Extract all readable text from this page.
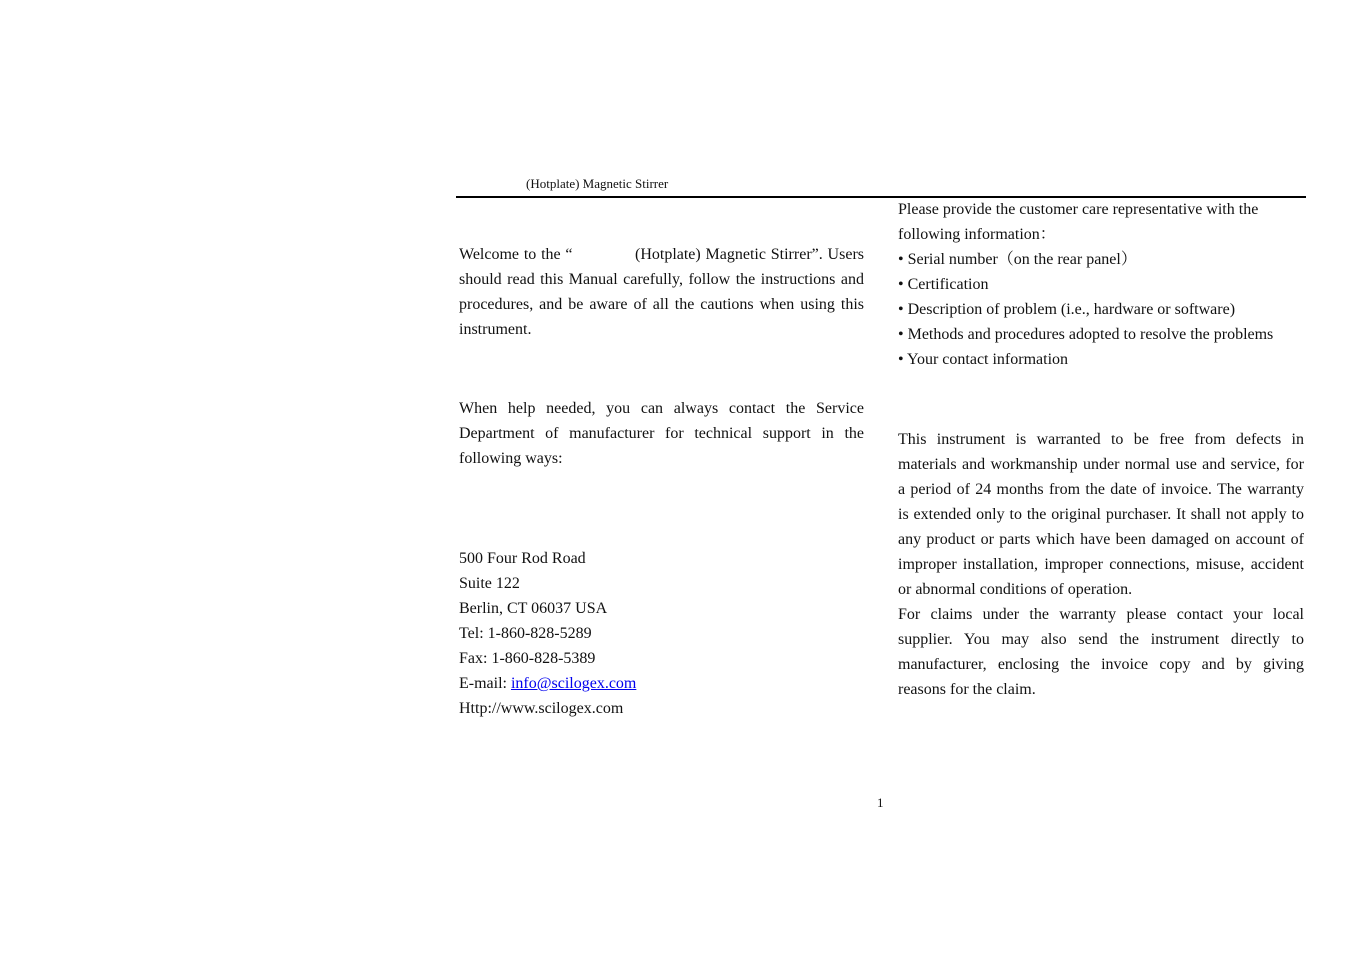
(Hotplate) Magnetic Stirrer

Welcome to the “             (Hotplate) Magnetic Stirrer”. Users should read this Manual carefully, follow the instructions and procedures, and be aware of all the cautions when using this instrument.

When help needed, you can always contact the Service Department of manufacturer for technical support in the following ways:

500 Four Rod Road
Suite 122
Berlin, CT 06037 USA
Tel: 1-860-828-5289
Fax: 1-860-828-5389
E-mail: info@scilogex.com
Http://www.scilogex.com
Please provide the customer care representative with the
following information：
• Serial number（on the rear panel）
• Certification
• Description of problem (i.e., hardware or software)
• Methods and procedures adopted to resolve the problems
• Your contact information

This instrument is warranted to be free from defects in materials and workmanship under normal use and service, for a period of 24 months from the date of invoice. The warranty is extended only to the original purchaser. It shall not apply to any product or parts which have been damaged on account of improper installation, improper connections, misuse, accident or abnormal conditions of operation.

For claims under the warranty please contact your local supplier. You may also send the instrument directly to manufacturer, enclosing the invoice copy and by giving reasons for the claim.

1
